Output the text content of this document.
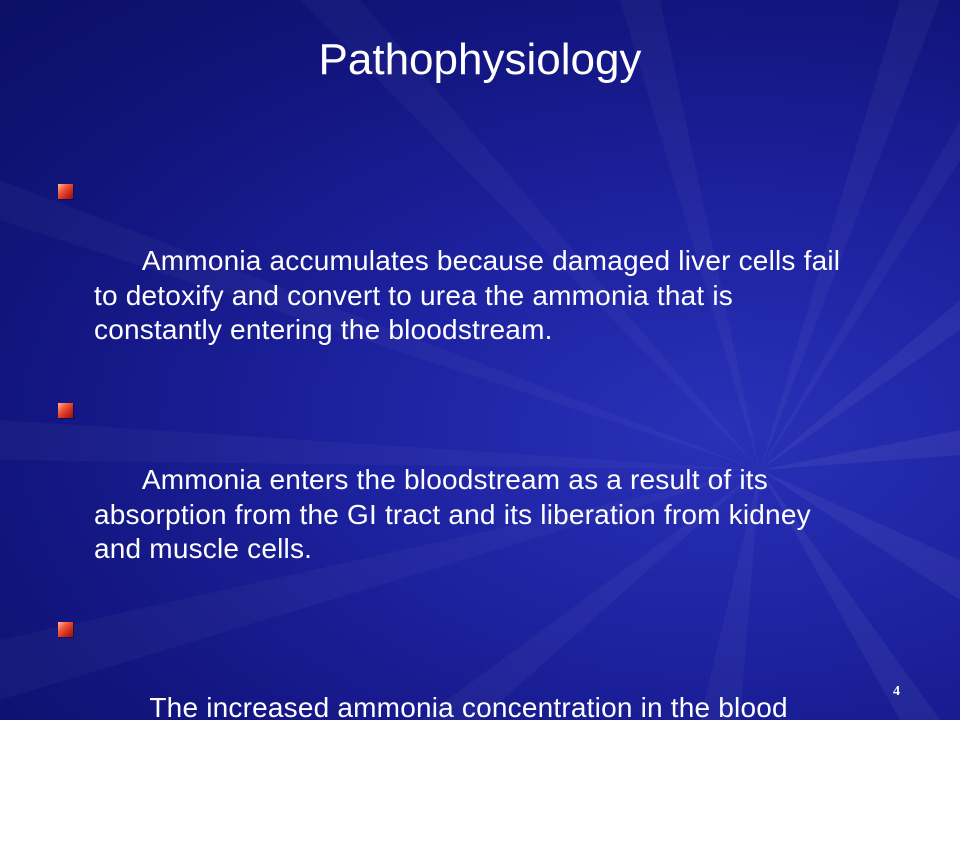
Pathophysiology

Ammonia accumulates because damaged liver cells fail to detoxify and convert to urea the ammonia that is constantly entering the bloodstream.

Ammonia enters the bloodstream as a result of its absorption from the GI tract and its liberation from kidney and muscle cells.

The increased ammonia concentration in the blood causes brain dysfunction and damage, resulting in hepatic encephalopathy.

4
